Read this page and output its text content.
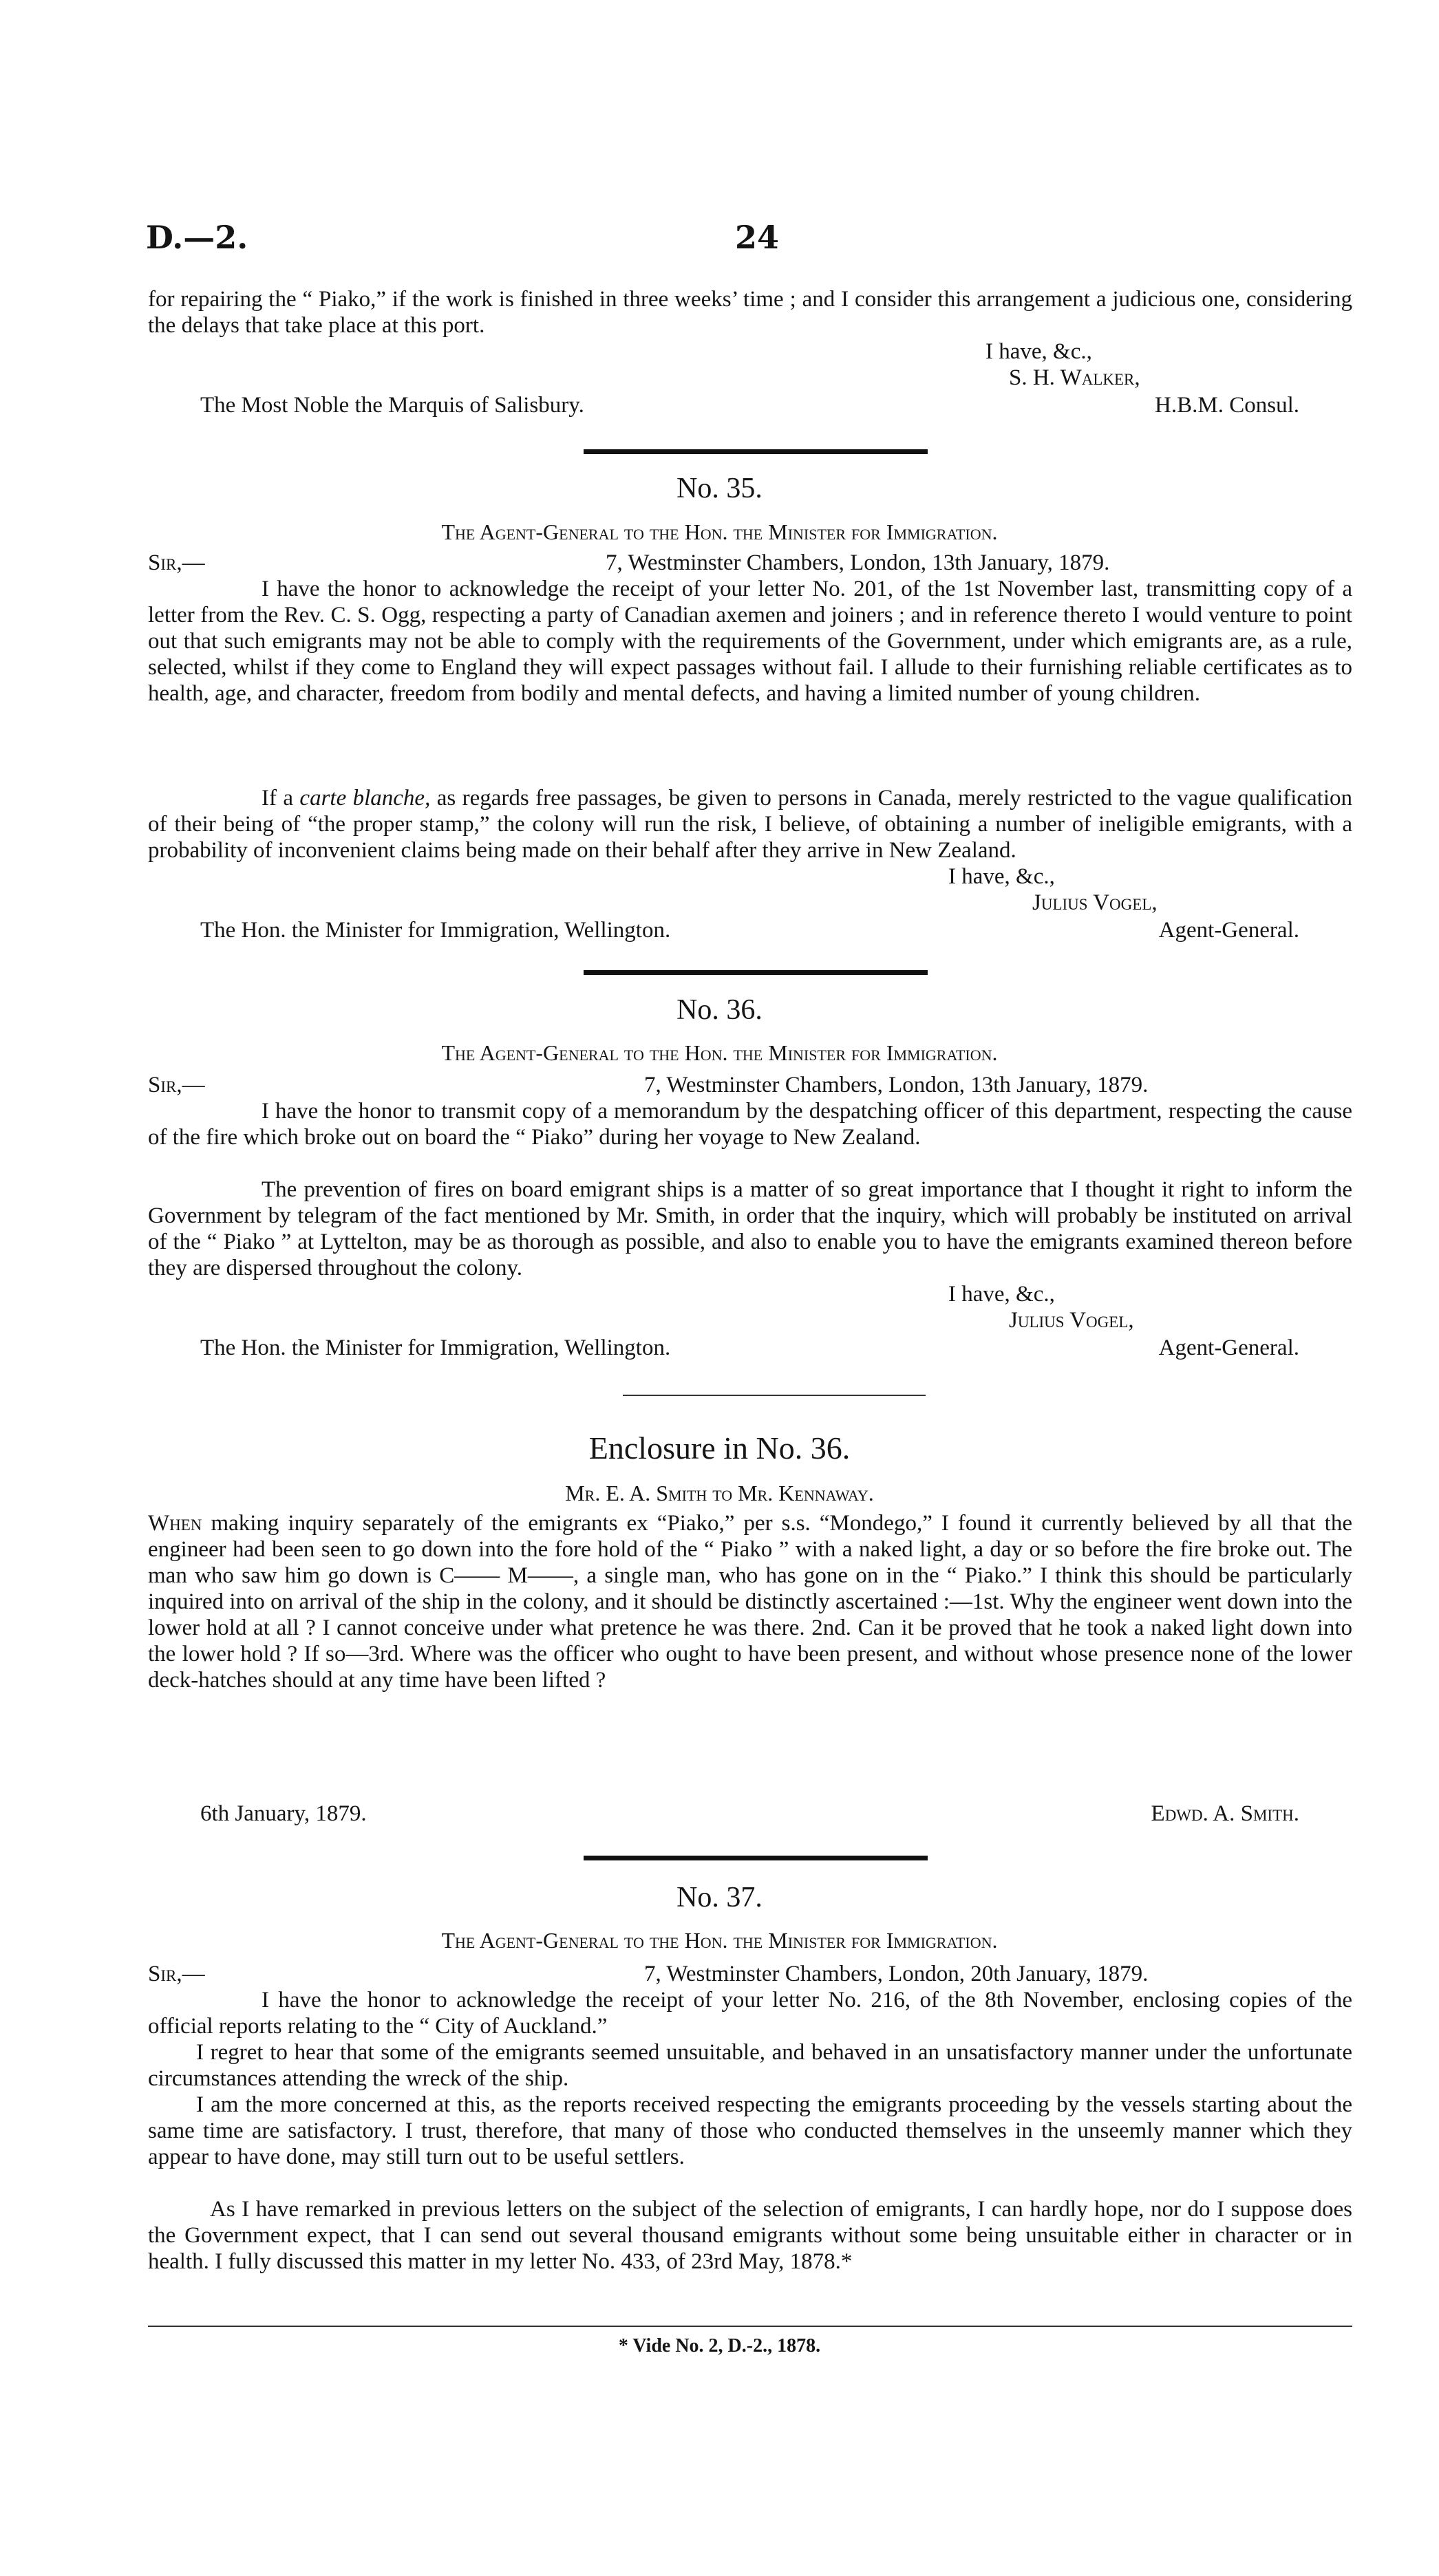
D.—2.	24
for repairing the “ Piako,” if the work is finished in three weeks’ time ; and I consider this arrangement a judicious one, considering the delays that take place at this port.
I have, &c.,
S. H. Walker,
The Most Noble the Marquis of Salisbury.	H.B.M. Consul.
No. 35.
The Agent-General to the Hon. the Minister for Immigration.
Sir,—	7, Westminster Chambers, London, 13th January, 1879.
I have the honor to acknowledge the receipt of your letter No. 201, of the 1st November last, transmitting copy of a letter from the Rev. C. S. Ogg, respecting a party of Canadian axemen and joiners ; and in reference thereto I would venture to point out that such emigrants may not be able to comply with the requirements of the Government, under which emigrants are, as a rule, selected, whilst if they come to England they will expect passages without fail. I allude to their furnishing reliable certificates as to health, age, and character, freedom from bodily and mental defects, and having a limited number of young children.
If a carte blanche, as regards free passages, be given to persons in Canada, merely restricted to the vague qualification of their being of “the proper stamp,” the colony will run the risk, I believe, of obtaining a number of ineligible emigrants, with a probability of inconvenient claims being made on their behalf after they arrive in New Zealand.
I have, &c.,
Julius Vogel,
The Hon. the Minister for Immigration, Wellington.	Agent-General.
No. 36.
The Agent-General to the Hon. the Minister for Immigration.
Sir,—	7, Westminster Chambers, London, 13th January, 1879.
I have the honor to transmit copy of a memorandum by the despatching officer of this department, respecting the cause of the fire which broke out on board the “ Piako” during her voyage to New Zealand.
The prevention of fires on board emigrant ships is a matter of so great importance that I thought it right to inform the Government by telegram of the fact mentioned by Mr. Smith, in order that the inquiry, which will probably be instituted on arrival of the “ Piako ” at Lyttelton, may be as thorough as possible, and also to enable you to have the emigrants examined thereon before they are dispersed throughout the colony.
I have, &c.,
Julius Vogel,
The Hon. the Minister for Immigration, Wellington.	Agent-General.
Enclosure in No. 36.
Mr. E. A. Smith to Mr. Kennaway.
When making inquiry separately of the emigrants ex “Piako,” per s.s. “Mondego,” I found it currently believed by all that the engineer had been seen to go down into the fore hold of the “ Piako ” with a naked light, a day or so before the fire broke out. The man who saw him go down is C—— M——, a single man, who has gone on in the “ Piako.” I think this should be particularly inquired into on arrival of the ship in the colony, and it should be distinctly ascertained :—1st. Why the engineer went down into the lower hold at all ? I cannot conceive under what pretence he was there. 2nd. Can it be proved that he took a naked light down into the lower hold ? If so—3rd. Where was the officer who ought to have been present, and without whose presence none of the lower deck-hatches should at any time have been lifted ?
6th January, 1879.	Edwd. A. Smith.
No. 37.
The Agent-General to the Hon. the Minister for Immigration.
Sir,—	7, Westminster Chambers, London, 20th January, 1879.
I have the honor to acknowledge the receipt of your letter No. 216, of the 8th November, enclosing copies of the official reports relating to the “ City of Auckland.”
I regret to hear that some of the emigrants seemed unsuitable, and behaved in an unsatisfactory manner under the unfortunate circumstances attending the wreck of the ship.
I am the more concerned at this, as the reports received respecting the emigrants proceeding by the vessels starting about the same time are satisfactory. I trust, therefore, that many of those who conducted themselves in the unseemly manner which they appear to have done, may still turn out to be useful settlers.
As I have remarked in previous letters on the subject of the selection of emigrants, I can hardly hope, nor do I suppose does the Government expect, that I can send out several thousand emigrants without some being unsuitable either in character or in health. I fully discussed this matter in my letter No. 433, of 23rd May, 1878.*
* Vide No. 2, D.-2., 1878.
